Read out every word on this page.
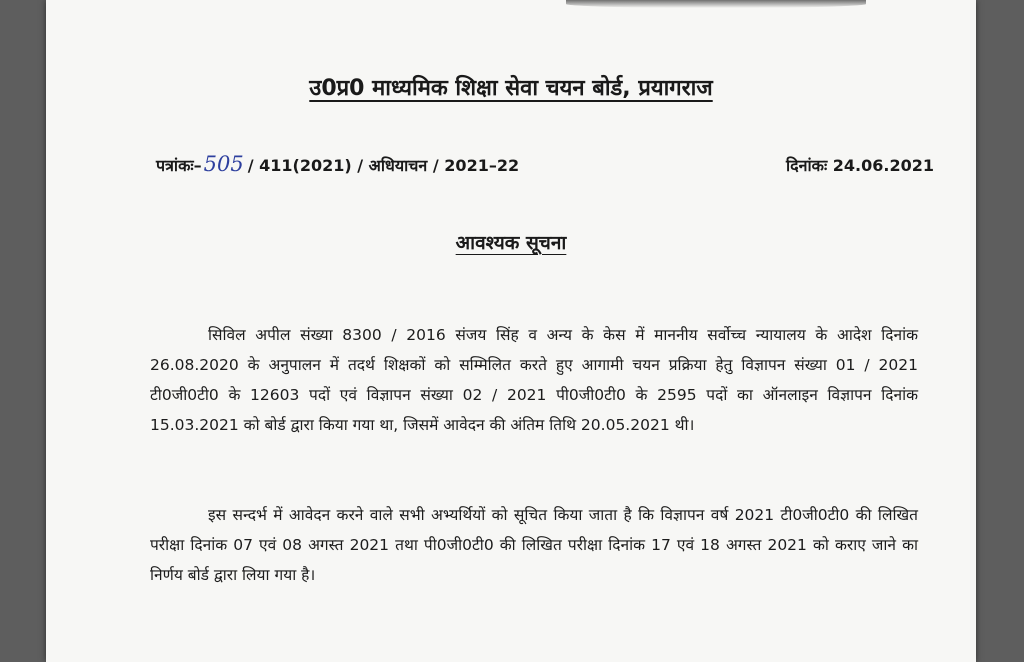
उ0प्र0 माध्यमिक शिक्षा सेवा चयन बोर्ड, प्रयागराज
पत्रांकः–505 / 411(2021) / अधियाचन / 2021–22	दिनांकः 24.06.2021
आवश्यक सूचना

सिविल अपील संख्या 8300 / 2016 संजय सिंह व अन्य के केस में माननीय सर्वोच्च न्यायालय के आदेश दिनांक 26.08.2020 के अनुपालन में तदर्थ शिक्षकों को सम्मिलित करते हुए आगामी चयन प्रक्रिया हेतु विज्ञापन संख्या 01 / 2021 टी0जी0टी0 के 12603 पदों एवं विज्ञापन संख्या 02 / 2021 पी0जी0टी0 के 2595 पदों का ऑनलाइन विज्ञापन दिनांक 15.03.2021 को बोर्ड द्वारा किया गया था, जिसमें आवेदन की अंतिम तिथि 20.05.2021 थी।

इस सन्दर्भ में आवेदन करने वाले सभी अभ्यर्थियों को सूचित किया जाता है कि विज्ञापन वर्ष 2021 टी0जी0टी0 की लिखित परीक्षा दिनांक 07 एवं 08 अगस्त 2021 तथा पी0जी0टी0 की लिखित परीक्षा दिनांक 17 एवं 18 अगस्त 2021 को कराए जाने का निर्णय बोर्ड द्वारा लिया गया है।
